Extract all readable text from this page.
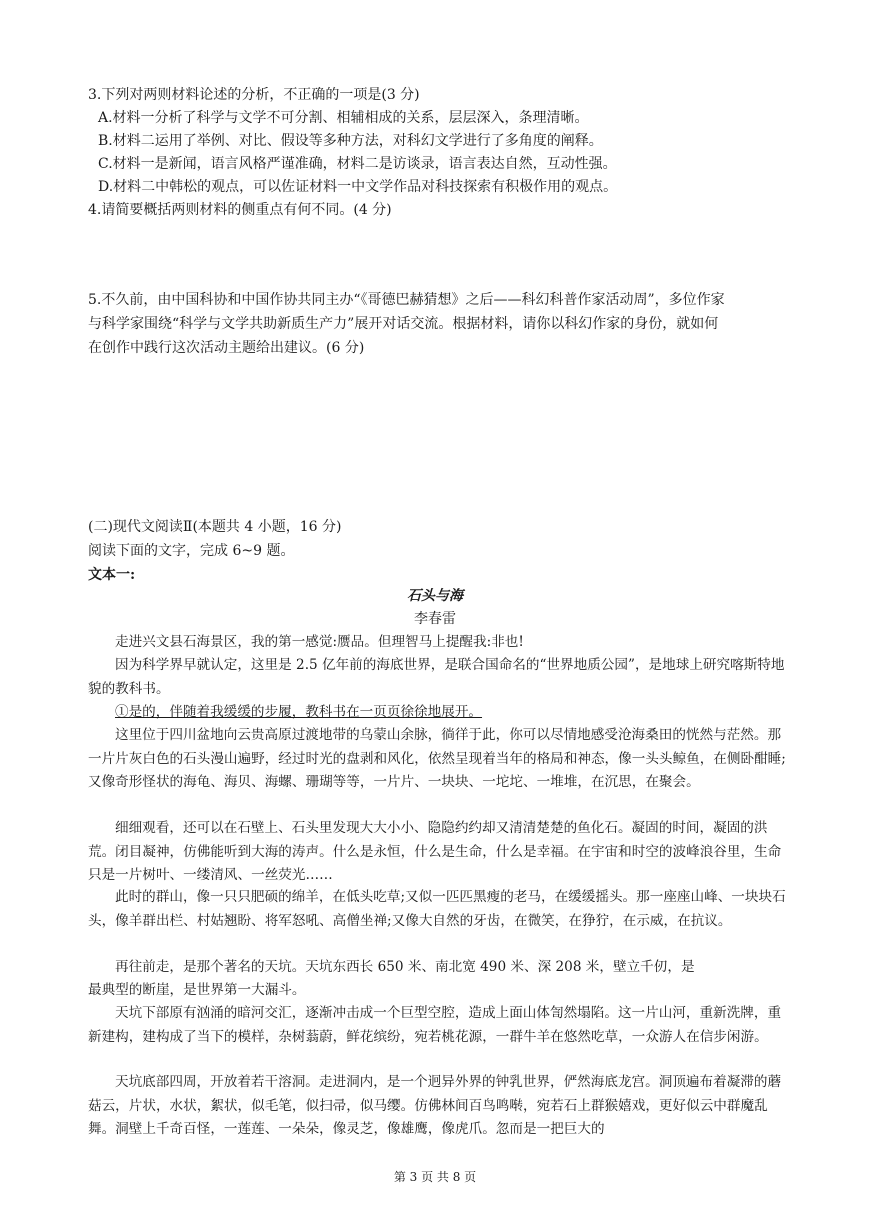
3.下列对两则材料论述的分析，不正确的一项是(3 分)
A.材料一分析了科学与文学不可分割、相辅相成的关系，层层深入，条理清晰。
B.材料二运用了举例、对比、假设等多种方法，对科幻文学进行了多角度的阐释。
C.材料一是新闻，语言风格严谨准确，材料二是访谈录，语言表达自然，互动性强。
D.材料二中韩松的观点，可以佐证材料一中文学作品对科技探索有积极作用的观点。
4.请简要概括两则材料的侧重点有何不同。(4 分)
5.不久前，由中国科协和中国作协共同主办“《哥德巴赫猜想》之后——科幻科普作家活动周”，多位作家
与科学家围绕“科学与文学共助新质生产力”展开对话交流。根据材料，请你以科幻作家的身份，就如何
在创作中践行这次活动主题给出建议。(6 分)
(二)现代文阅读Ⅱ(本题共 4 小题，16 分)
阅读下面的文字，完成 6~9 题。
文本一:
石头与海
李春雷
走进兴文县石海景区，我的第一感觉:赝品。但理智马上提醒我:非也!
因为科学界早就认定，这里是 2.5 亿年前的海底世界，是联合国命名的“世界地质公园”，是地球上研究喀斯特地貌的教科书。
①是的，伴随着我缓缓的步履，教科书在一页页徐徐地展开。
这里位于四川盆地向云贵高原过渡地带的乌蒙山余脉，徜徉于此，你可以尽情地感受沧海桑田的恍然与茫然。那一片片灰白色的石头漫山遍野，经过时光的盘剥和风化，依然呈现着当年的格局和神态，像一头头鲸鱼，在侧卧酣睡;又像奇形怪状的海龟、海贝、海螺、珊瑚等等，一片片、一块块、一坨坨、一堆堆，在沉思，在聚会。
细细观看，还可以在石壁上、石头里发现大大小小、隐隐约约却又清清楚楚的鱼化石。凝固的时间，凝固的洪荒。闭目凝神，仿佛能听到大海的涛声。什么是永恒，什么是生命，什么是幸福。在宇宙和时空的波峰浪谷里，生命只是一片树叶、一缕清风、一丝荧光……
此时的群山，像一只只肥硕的绵羊，在低头吃草;又似一匹匹黑瘦的老马，在缓缓摇头。那一座座山峰、一块块石头，像羊群出栏、村姑翘盼、将军怒吼、高僧坐禅;又像大自然的牙齿，在微笑，在狰狞，在示威，在抗议。
再往前走，是那个著名的天坑。天坑东西长 650 米、南北宽 490 米、深 208 米，壁立千仞，是
最典型的断崖，是世界第一大漏斗。
天坑下部原有汹涌的暗河交汇，逐渐冲击成一个巨型空腔，造成上面山体訇然塌陷。这一片山河，重新洗牌，重新建构，建构成了当下的模样，杂树蓊蔚，鲜花缤纷，宛若桃花源，一群牛羊在悠然吃草，一众游人在信步闲游。
天坑底部四周，开放着若干溶洞。走进洞内，是一个迥异外界的钟乳世界，俨然海底龙宫。洞顶遍布着凝滞的蘑菇云，片状，水状，絮状，似毛笔，似扫帚，似马缨。仿佛林间百鸟鸣啭，宛若石上群猴嬉戏，更好似云中群魔乱舞。洞壁上千奇百怪，一莲莲、一朵朵，像灵芝，像雄鹰，像虎爪。忽而是一把巨大的
第 3 页 共 8 页
